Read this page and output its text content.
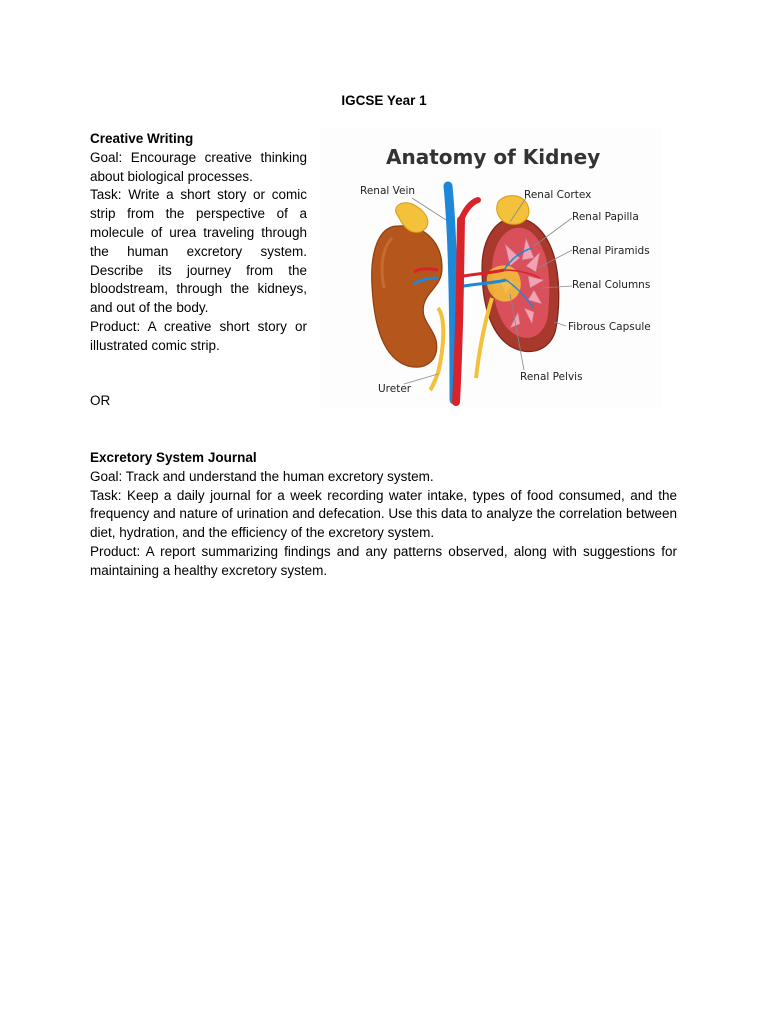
IGCSE Year 1

Creative Writing

Goal: Encourage creative thinking about biological processes.

Task: Write a short story or comic strip from the perspective of a molecule of urea traveling through the human excretory system. Describe its journey from the bloodstream, through the kidneys, and out of the body.

Product: A creative short story or illustrated comic strip.

OR

Excretory System Journal

Goal: Track and understand the human excretory system.

Task: Keep a daily journal for a week recording water intake, types of food consumed, and the frequency and nature of urination and defecation. Use this data to analyze the correlation between diet, hydration, and the efficiency of the excretory system.

Product: A report summarizing findings and any patterns observed, along with suggestions for maintaining a healthy excretory system.

Anatomy of Kidney
Renal Vein	Renal Cortex
Renal Papilla
Renal Piramids
Renal Columns
Fibrous Capsule
Renal Pelvis
Ureter
